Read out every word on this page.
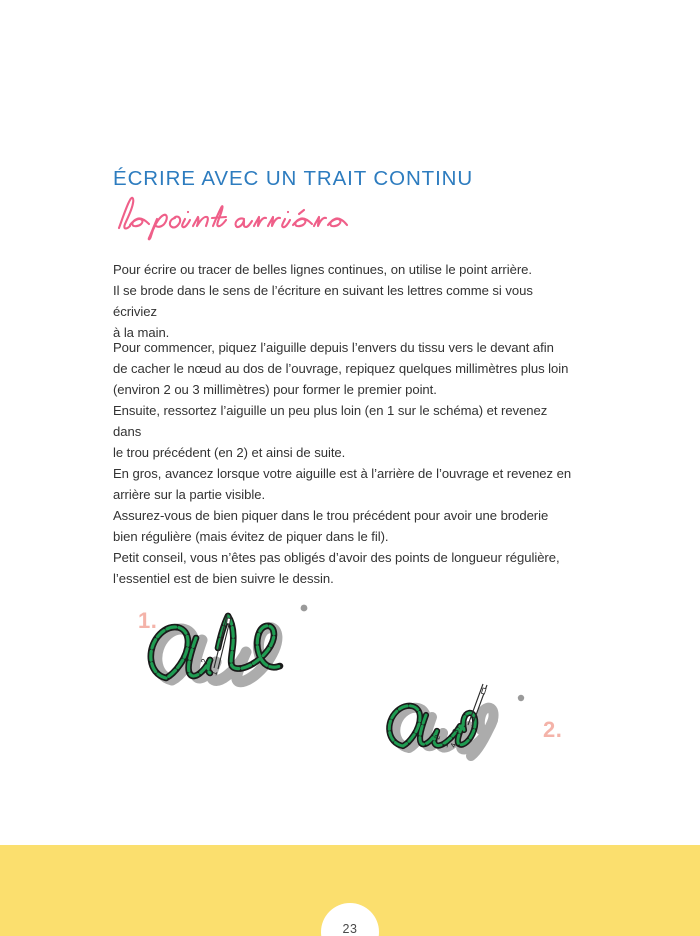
ÉCRIRE AVEC UN TRAIT CONTINU

Pour écrire ou tracer de belles lignes continues, on utilise le point arrière.

Il se brode dans le sens de l’écriture en suivant les lettres comme si vous écriviez

à la main.

Pour commencer, piquez l’aiguille depuis l’envers du tissu vers le devant afin

de cacher le nœud au dos de l’ouvrage, repiquez quelques millimètres plus loin

(environ 2 ou 3 millimètres) pour former le premier point.

Ensuite, ressortez l’aiguille un peu plus loin (en 1 sur le schéma) et revenez dans

le trou précédent (en 2) et ainsi de suite.

En gros, avancez lorsque votre aiguille est à l’arrière de l’ouvrage et revenez en

arrière sur la partie visible.

Assurez-vous de bien piquer dans le trou précédent pour avoir une broderie

bien régulière (mais évitez de piquer dans le fil).

Petit conseil, vous n’êtes pas obligés d’avoir des points de longueur régulière,

l’essentiel est de bien suivre le dessin.

1.
1
2
2.
1
2
3
4
23
